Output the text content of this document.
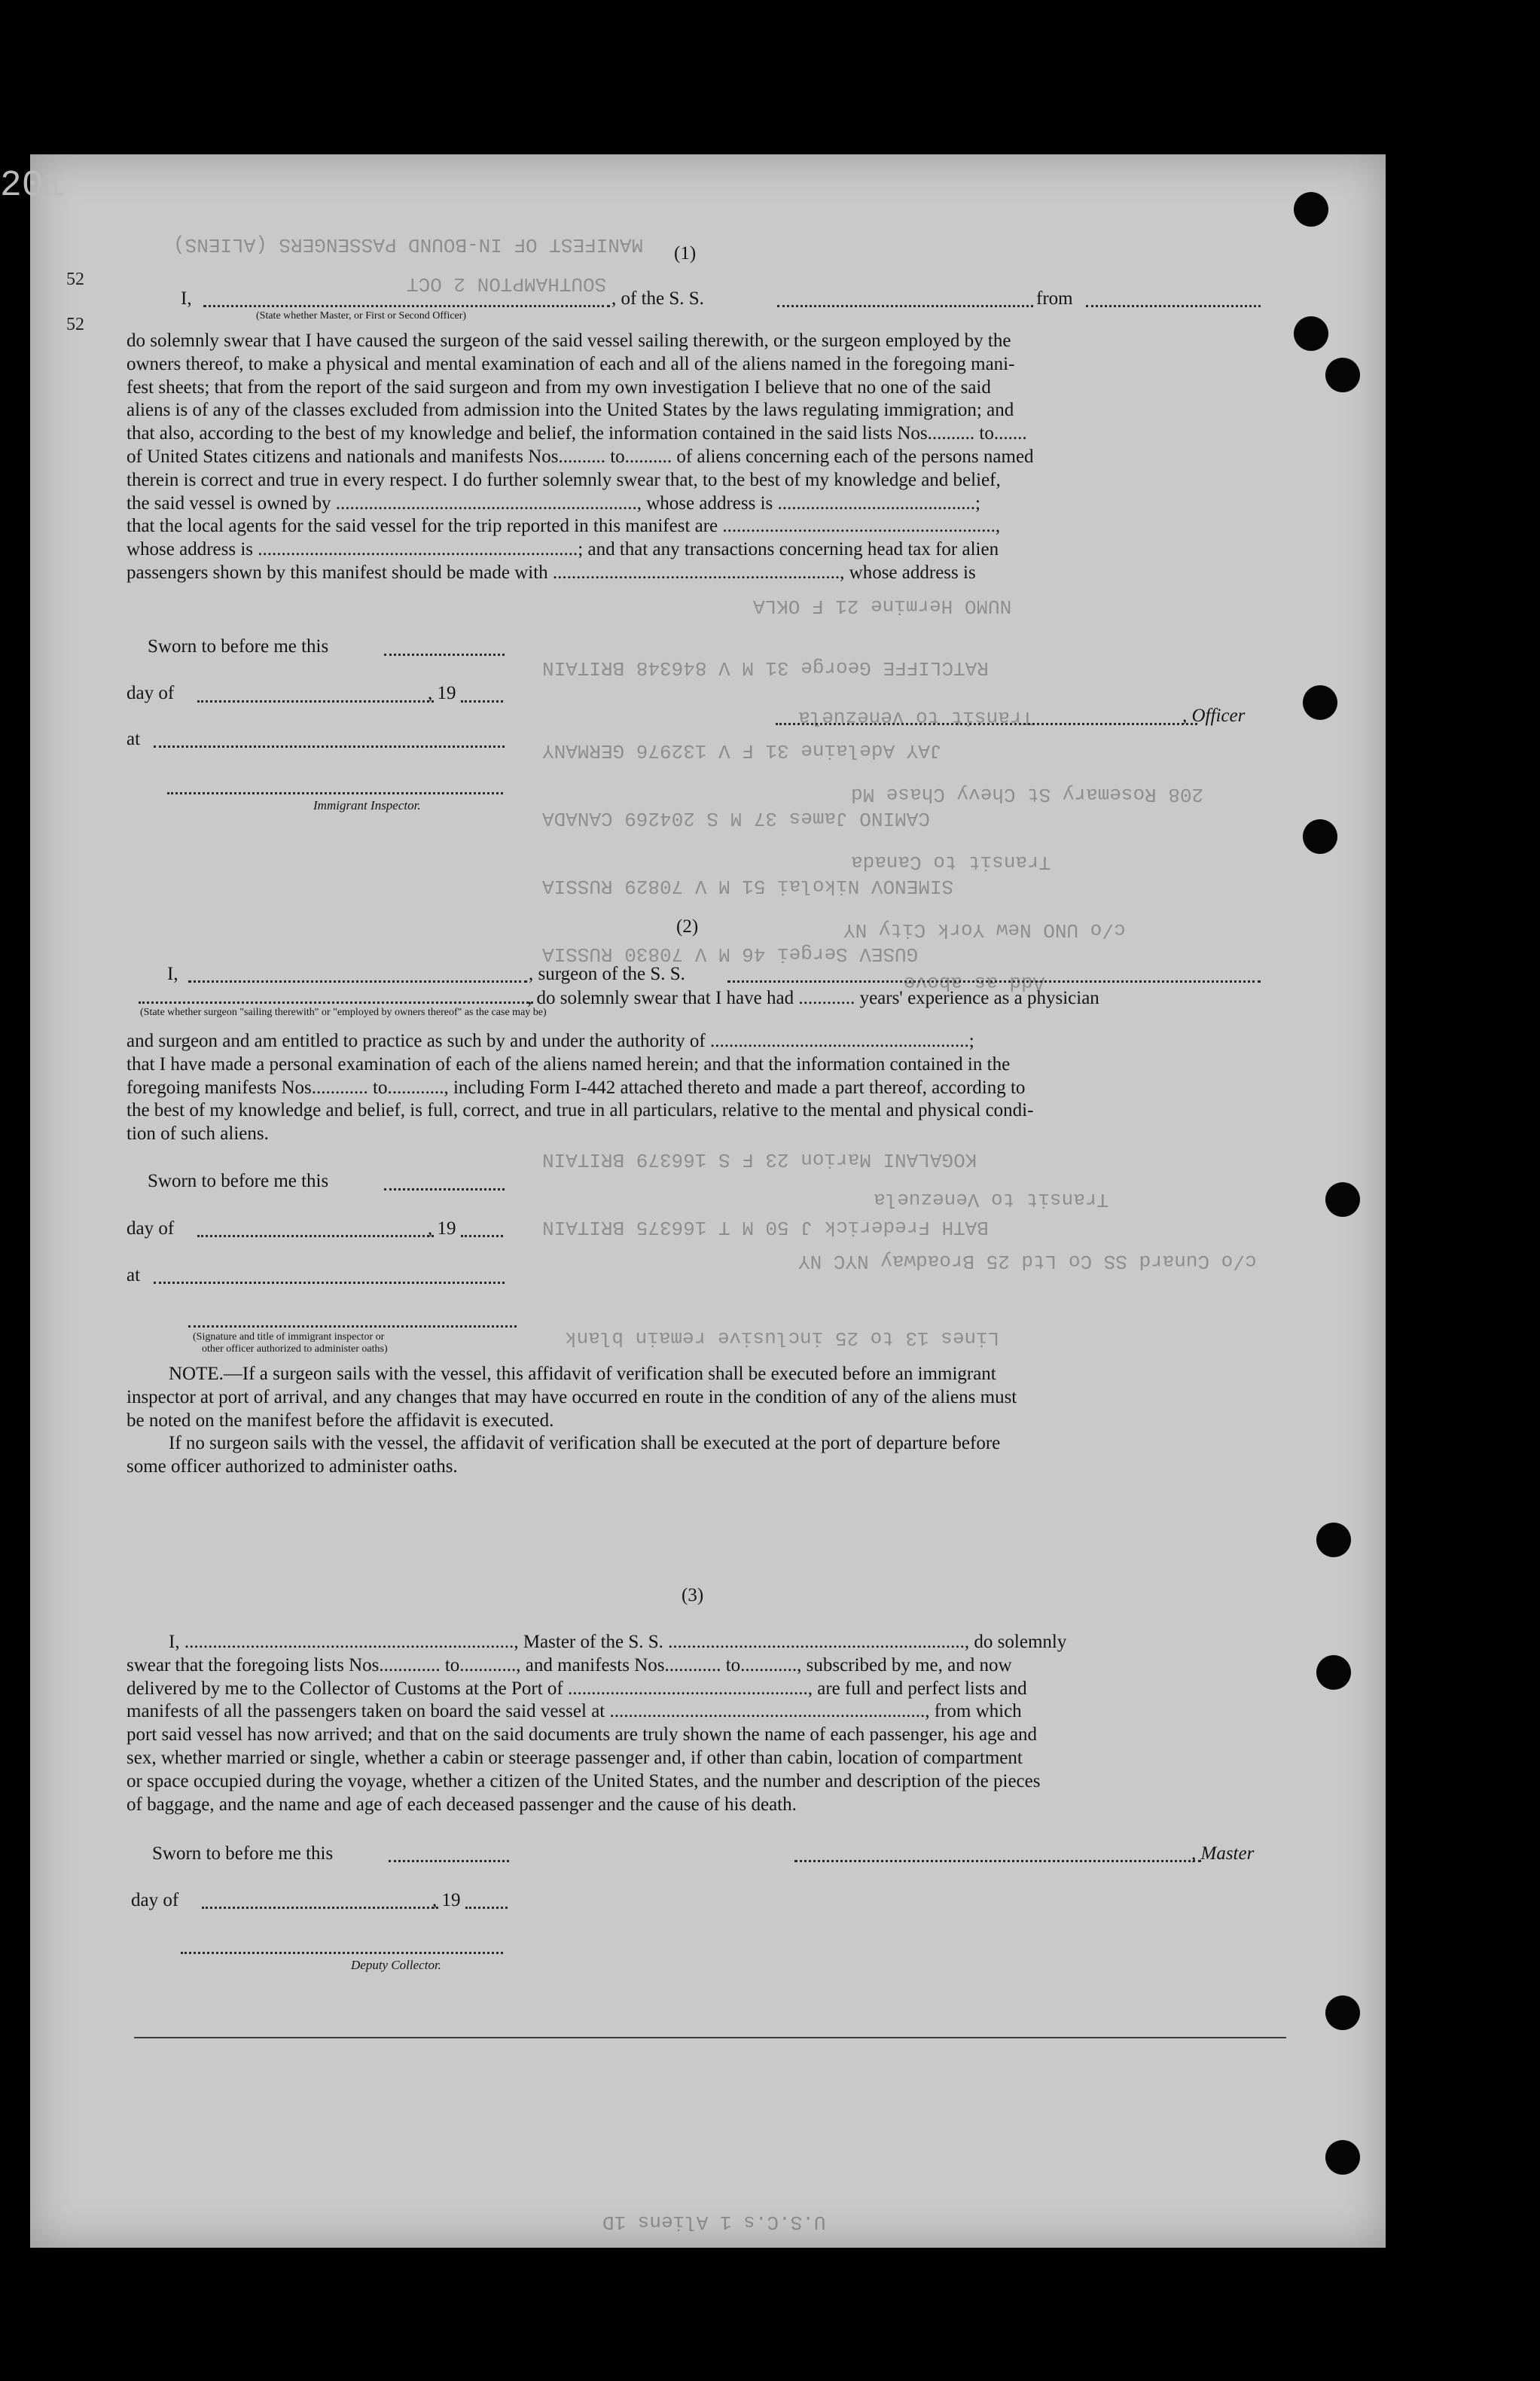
201
52
52
MANIFEST OF IN-BOUND PASSENGERS (ALIENS)
SOUTHAMPTON 2 OCT
NUMO Hermine 21 F OKLA
RATCLIFFE George 31 M V 846348 BRITAIN
Transit to Venezuela
JAY Adelaine 31 F V 132976 GERMANY
208 Rosemary St Chevy Chase Md
CAMINO James 37 M S 204269 CANADA
Transit to Canada
SIMENOV Nikolai 51 M V 70829 RUSSIA
c/o UNO New York City NY
GUSEV Sergei 46 M V 70830 RUSSIA
Add as above
KOGALANI Marion 23 F S 166379 BRITAIN
Transit to Venezuela
BATH Frederick J 50 M T 166375 BRITAIN
c/o Cunard SS Co Ltd 25 Broadway NYC NY
Lines 13 to 25 inclusive remain blank
U.S.C.s 1 Aliens 1D
(1)
I,	, of the S. S.	from
(State whether Master, or First or Second Officer)

do solemnly swear that I have caused the surgeon of the said vessel sailing therewith, or the surgeon employed by the

owners thereof, to make a physical and mental examination of each and all of the aliens named in the foregoing mani-

fest sheets; that from the report of the said surgeon and from my own investigation I believe that no one of the said

aliens is of any of the classes excluded from admission into the United States by the laws regulating immigration; and

that also, according to the best of my knowledge and belief, the information contained in the said lists Nos.......... to.......

of United States citizens and nationals and manifests Nos.......... to.......... of aliens concerning each of the persons named

therein is correct and true in every respect. I do further solemnly swear that, to the best of my knowledge and belief,

the said vessel is owned by ................................................................, whose address is ..........................................;

that the local agents for the said vessel for the trip reported in this manifest are ..........................................................,

whose address is ....................................................................; and that any transactions concerning head tax for alien

passengers shown by this manifest should be made with ............................................................., whose address is

Sworn to before me this
day of	, 19
at
Immigrant Inspector.
, Officer
(2)
I,	, surgeon of the S. S.
, do solemnly swear that I have had ............ years' experience as a physician
(State whether surgeon "sailing therewith" or "employed by owners thereof" as the case may be)

and surgeon and am entitled to practice as such by and under the authority of .......................................................;

that I have made a personal examination of each of the aliens named herein; and that the information contained in the

foregoing manifests Nos............ to............, including Form I-442 attached thereto and made a part thereof, according to

the best of my knowledge and belief, is full, correct, and true in all particulars, relative to the mental and physical condi-

tion of such aliens.

Sworn to before me this
day of	, 19
at
(Signature and title of immigrant inspector or
other officer authorized to administer oaths)

NOTE.—If a surgeon sails with the vessel, this affidavit of verification shall be executed before an immigrant

inspector at port of arrival, and any changes that may have occurred en route in the condition of any of the aliens must

be noted on the manifest before the affidavit is executed.

If no surgeon sails with the vessel, the affidavit of verification shall be executed at the port of departure before

some officer authorized to administer oaths.

(3)

I, ......................................................................, Master of the S. S. ..............................................................., do solemnly

swear that the foregoing lists Nos............. to............, and manifests Nos............ to............, subscribed by me, and now

delivered by me to the Collector of Customs at the Port of ..................................................., are full and perfect lists and

manifests of all the passengers taken on board the said vessel at ..................................................................., from which

port said vessel has now arrived; and that on the said documents are truly shown the name of each passenger, his age and

sex, whether married or single, whether a cabin or steerage passenger and, if other than cabin, location of compartment

or space occupied during the voyage, whether a citizen of the United States, and the number and description of the pieces

of baggage, and the name and age of each deceased passenger and the cause of his death.

Sworn to before me this	, Master
day of	, 19
Deputy Collector.
